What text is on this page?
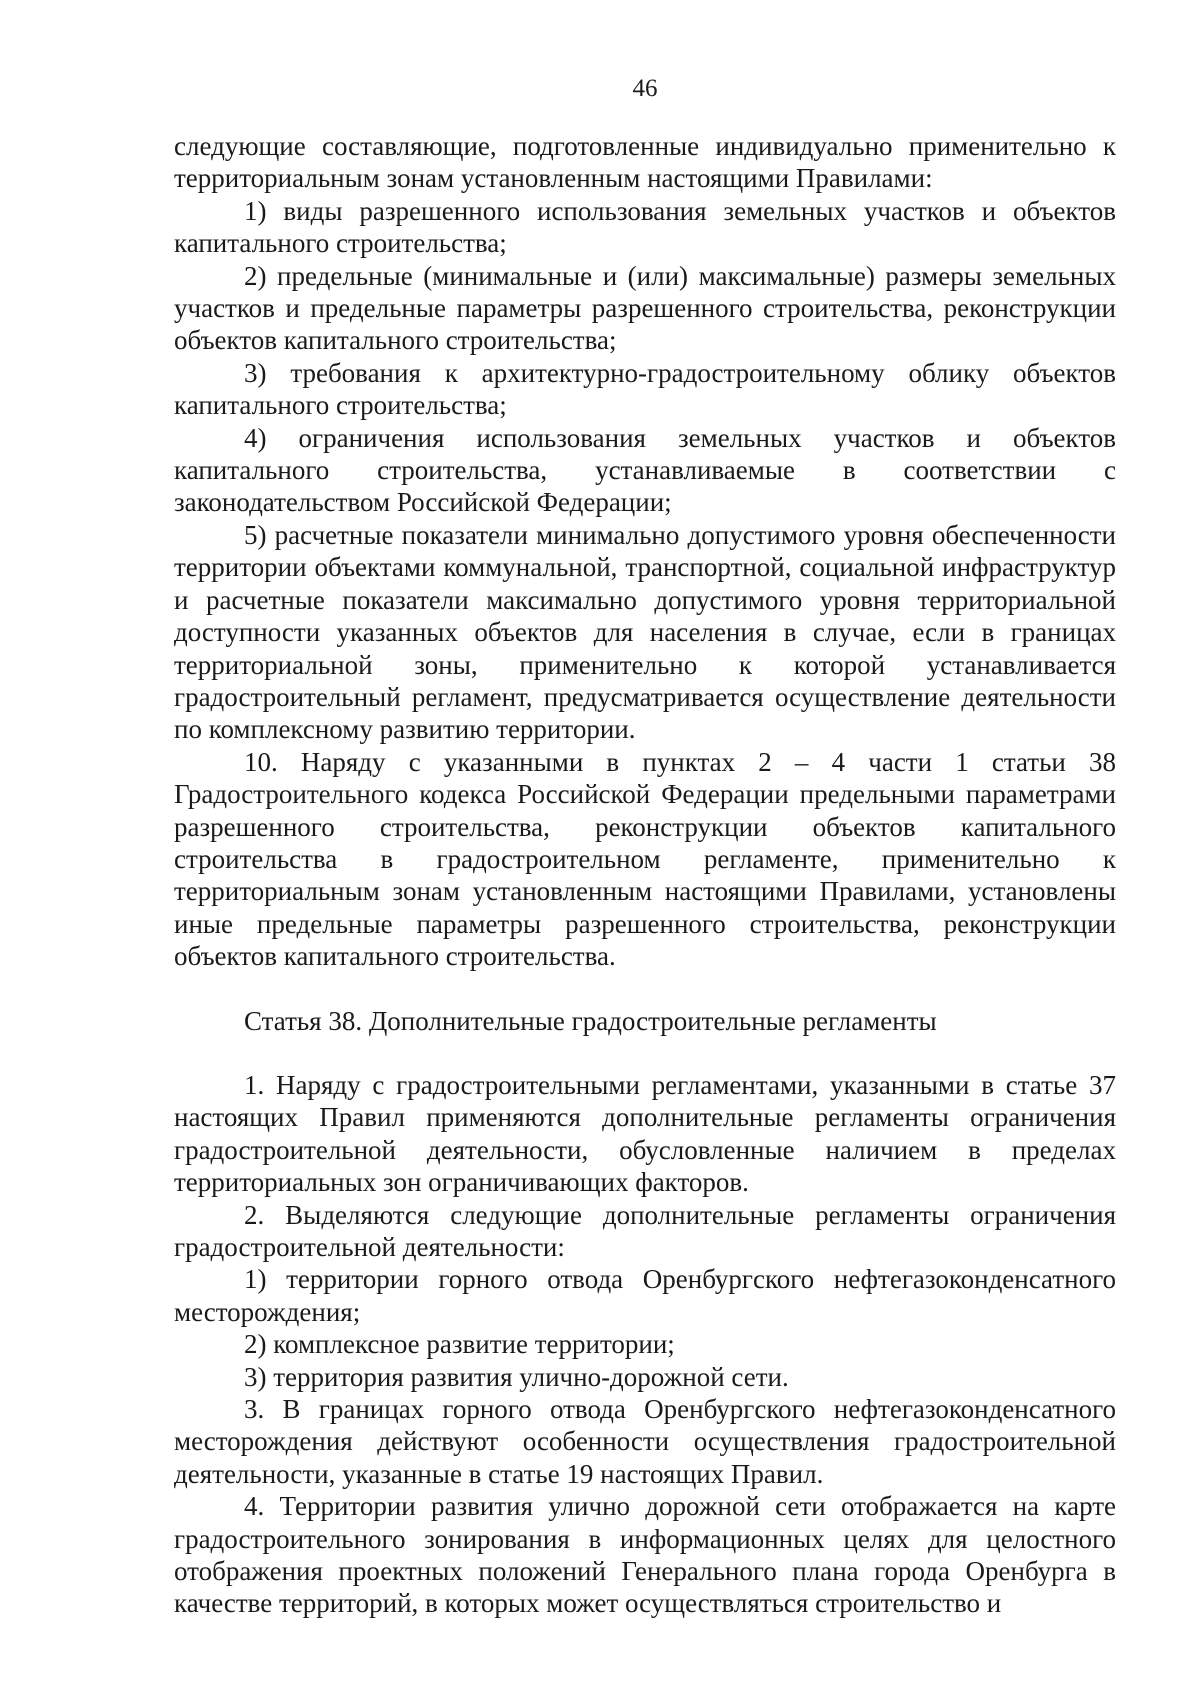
46

следующие составляющие, подготовленные индивидуально применительно к территориальным зонам установленным настоящими Правилами:

1) виды разрешенного использования земельных участков и объектов капитального строительства;

2) предельные (минимальные и (или) максимальные) размеры земельных участков и предельные параметры разрешенного строительства, реконструкции объектов капитального строительства;

3) требования к архитектурно-градостроительному облику объектов капитального строительства;

4) ограничения использования земельных участков и объектов капитального строительства, устанавливаемые в соответствии с законодательством Российской Федерации;

5) расчетные показатели минимально допустимого уровня обеспеченности территории объектами коммунальной, транспортной, социальной инфраструктур и расчетные показатели максимально допустимого уровня территориальной доступности указанных объектов для населения в случае, если в границах территориальной зоны, применительно к которой устанавливается градостроительный регламент, предусматривается осуществление деятельности по комплексному развитию территории.

10. Наряду с указанными в пунктах 2 – 4 части 1 статьи 38 Градостроительного кодекса Российской Федерации предельными параметрами разрешенного строительства, реконструкции объектов капитального строительства в градостроительном регламенте, применительно к территориальным зонам установленным настоящими Правилами, установлены иные предельные параметры разрешенного строительства, реконструкции объектов капитального строительства.

Статья 38. Дополнительные градостроительные регламенты

1. Наряду с градостроительными регламентами, указанными в статье 37 настоящих Правил применяются дополнительные регламенты ограничения градостроительной деятельности, обусловленные наличием в пределах территориальных зон ограничивающих факторов.

2. Выделяются следующие дополнительные регламенты ограничения градостроительной деятельности:

1) территории горного отвода Оренбургского нефтегазоконденсатного месторождения;

2) комплексное развитие территории;

3) территория развития улично-дорожной сети.

3. В границах горного отвода Оренбургского нефтегазоконденсатного месторождения действуют особенности осуществления градостроительной деятельности, указанные в статье 19 настоящих Правил.

4. Территории развития улично дорожной сети отображается на карте градостроительного зонирования в информационных целях для целостного отображения проектных положений Генерального плана города Оренбурга в качестве территорий, в которых может осуществляться строительство и
